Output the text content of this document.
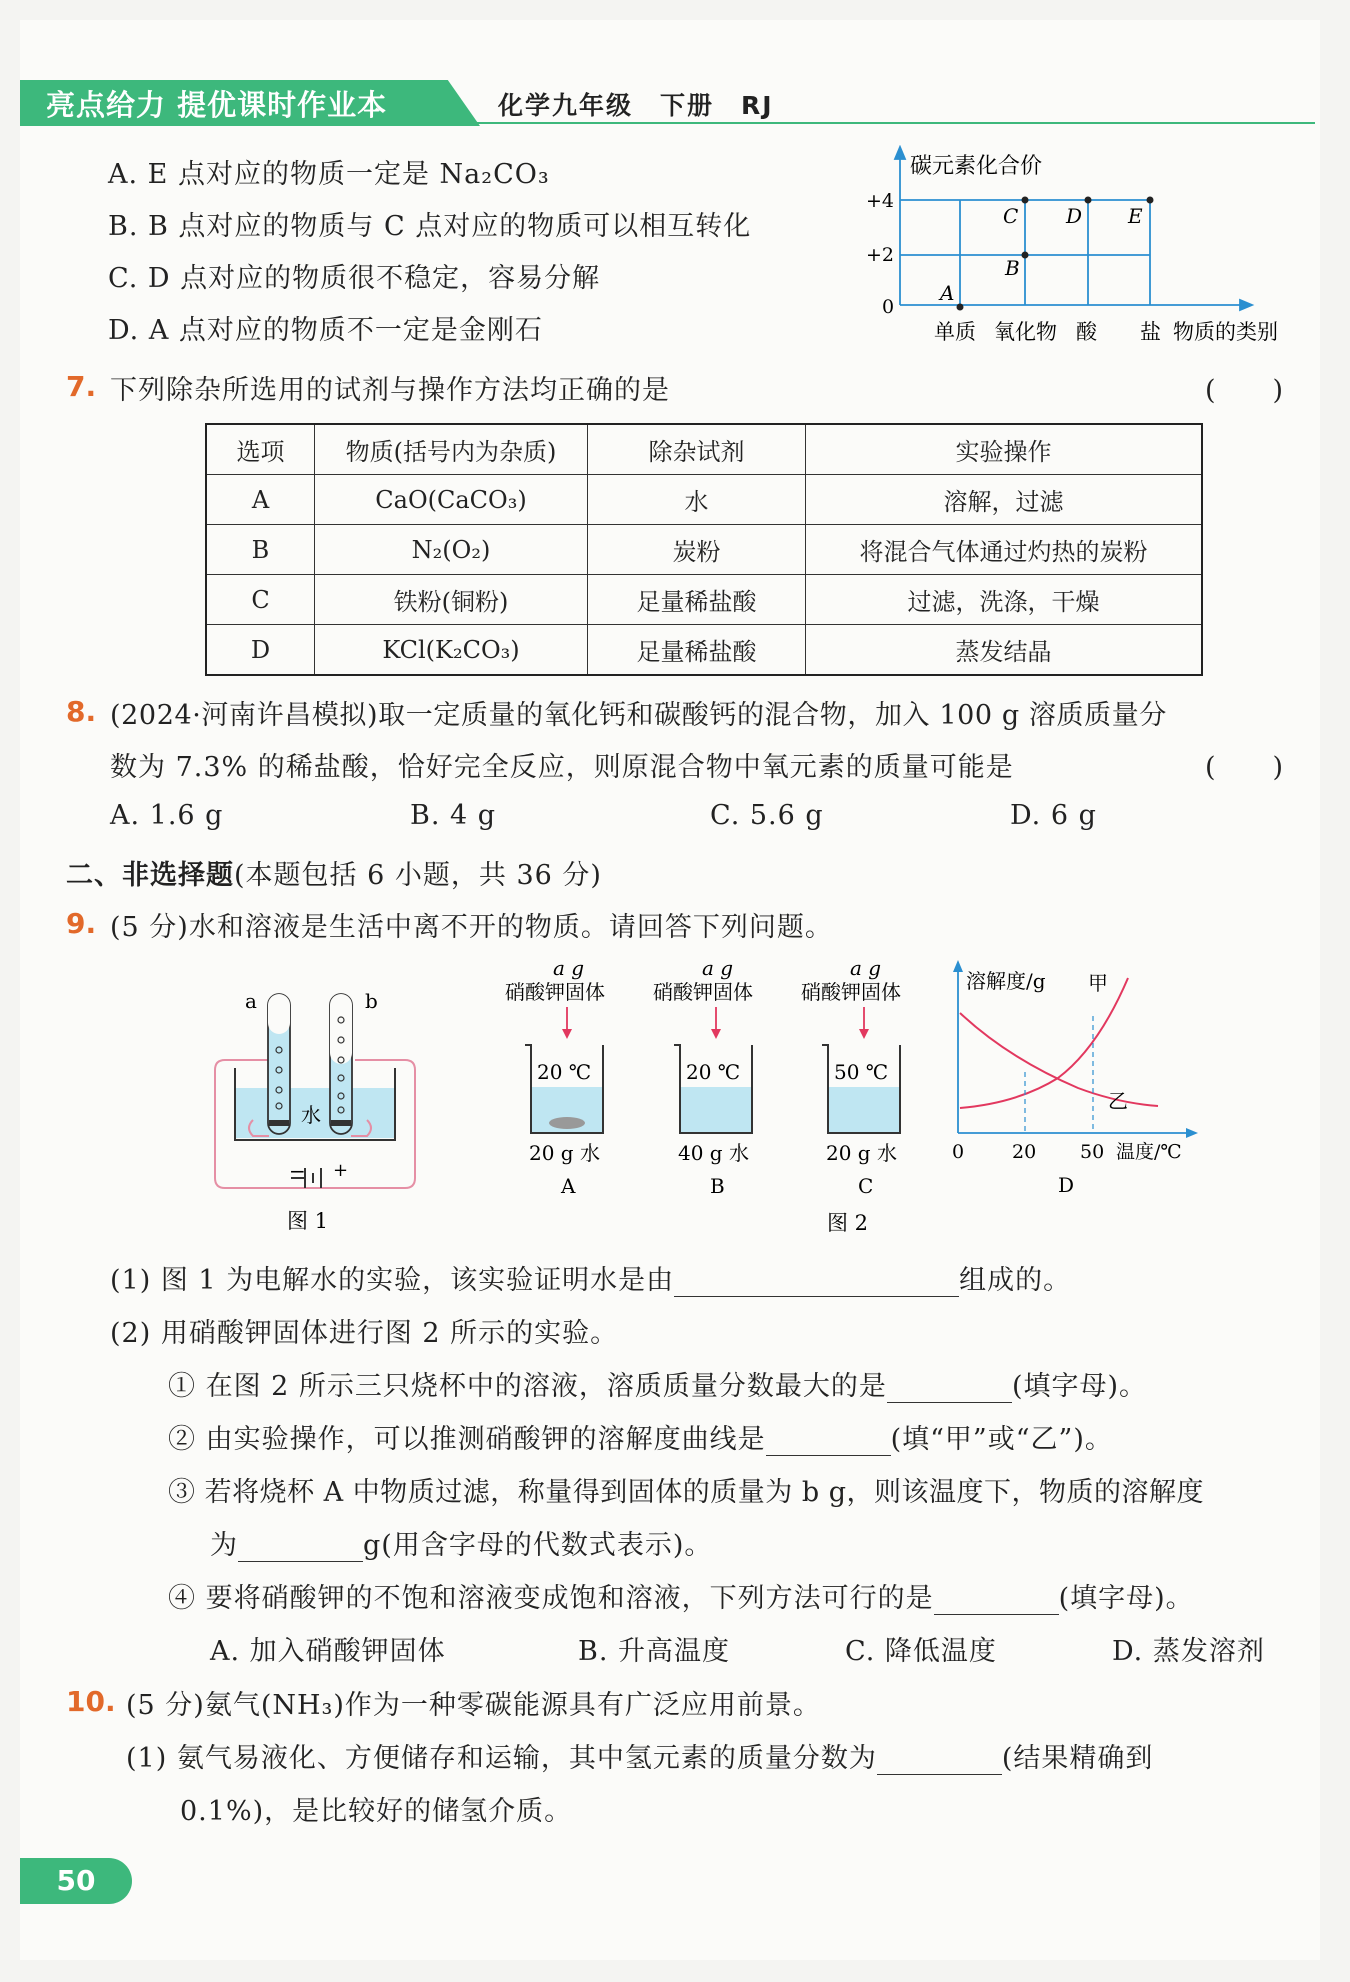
亮点给力 提优课时作业本	化学九年级　下册　RJ
A. E 点对应的物质一定是 Na₂CO₃
B. B 点对应的物质与 C 点对应的物质可以相互转化
C. D 点对应的物质很不稳定，容易分解
D. A 点对应的物质不一定是金刚石
碳元素化合价
+4
+2
0
A
B
C D E
单质 氧化物 酸 盐 物质的类别
7. 下列除杂所选用的试剂与操作方法均正确的是	(　　)
选项	物质(括号内为杂质)	除杂试剂	实验操作
A	CaO(CaCO₃)	水	溶解，过滤
B	N₂(O₂)	炭粉	将混合气体通过灼热的炭粉
C	铁粉(铜粉)	足量稀盐酸	过滤，洗涤，干燥
D	KCl(K₂CO₃)	足量稀盐酸	蒸发结晶
8. (2024·河南许昌模拟)取一定质量的氧化钙和碳酸钙的混合物，加入 100 g 溶质质量分
数为 7.3% 的稀盐酸，恰好完全反应，则原混合物中氧元素的质量可能是	(　　)
A. 1.6 g	B. 4 g	C. 5.6 g	D. 6 g
二、非选择题(本题包括 6 小题，共 36 分)
9. (5 分)水和溶液是生活中离不开的物质。请回答下列问题。
a	b
水
− +
图 1
a g
硝酸钾固体
20 ℃
20 g 水
A
a g
硝酸钾固体
20 ℃
40 g 水
B
a g
硝酸钾固体
50 ℃
20 g 水
C
图 2
溶解度/g 甲
乙
0	20 50 温度/℃
D
(1) 图 1 为电解水的实验，该实验证明水是由	组成的。
(2) 用硝酸钾固体进行图 2 所示的实验。
① 在图 2 所示三只烧杯中的溶液，溶质质量分数最大的是	(填字母)。
② 由实验操作，可以推测硝酸钾的溶解度曲线是	(填“甲”或“乙”)。
③ 若将烧杯 A 中物质过滤，称量得到固体的质量为 b g，则该温度下，物质的溶解度
为	g(用含字母的代数式表示)。
④ 要将硝酸钾的不饱和溶液变成饱和溶液，下列方法可行的是	(填字母)。
A. 加入硝酸钾固体	B. 升高温度	C. 降低温度	D. 蒸发溶剂
10. (5 分)氨气(NH₃)作为一种零碳能源具有广泛应用前景。
(1) 氨气易液化、方便储存和运输，其中氢元素的质量分数为	(结果精确到
0.1%)，是比较好的储氢介质。
50
